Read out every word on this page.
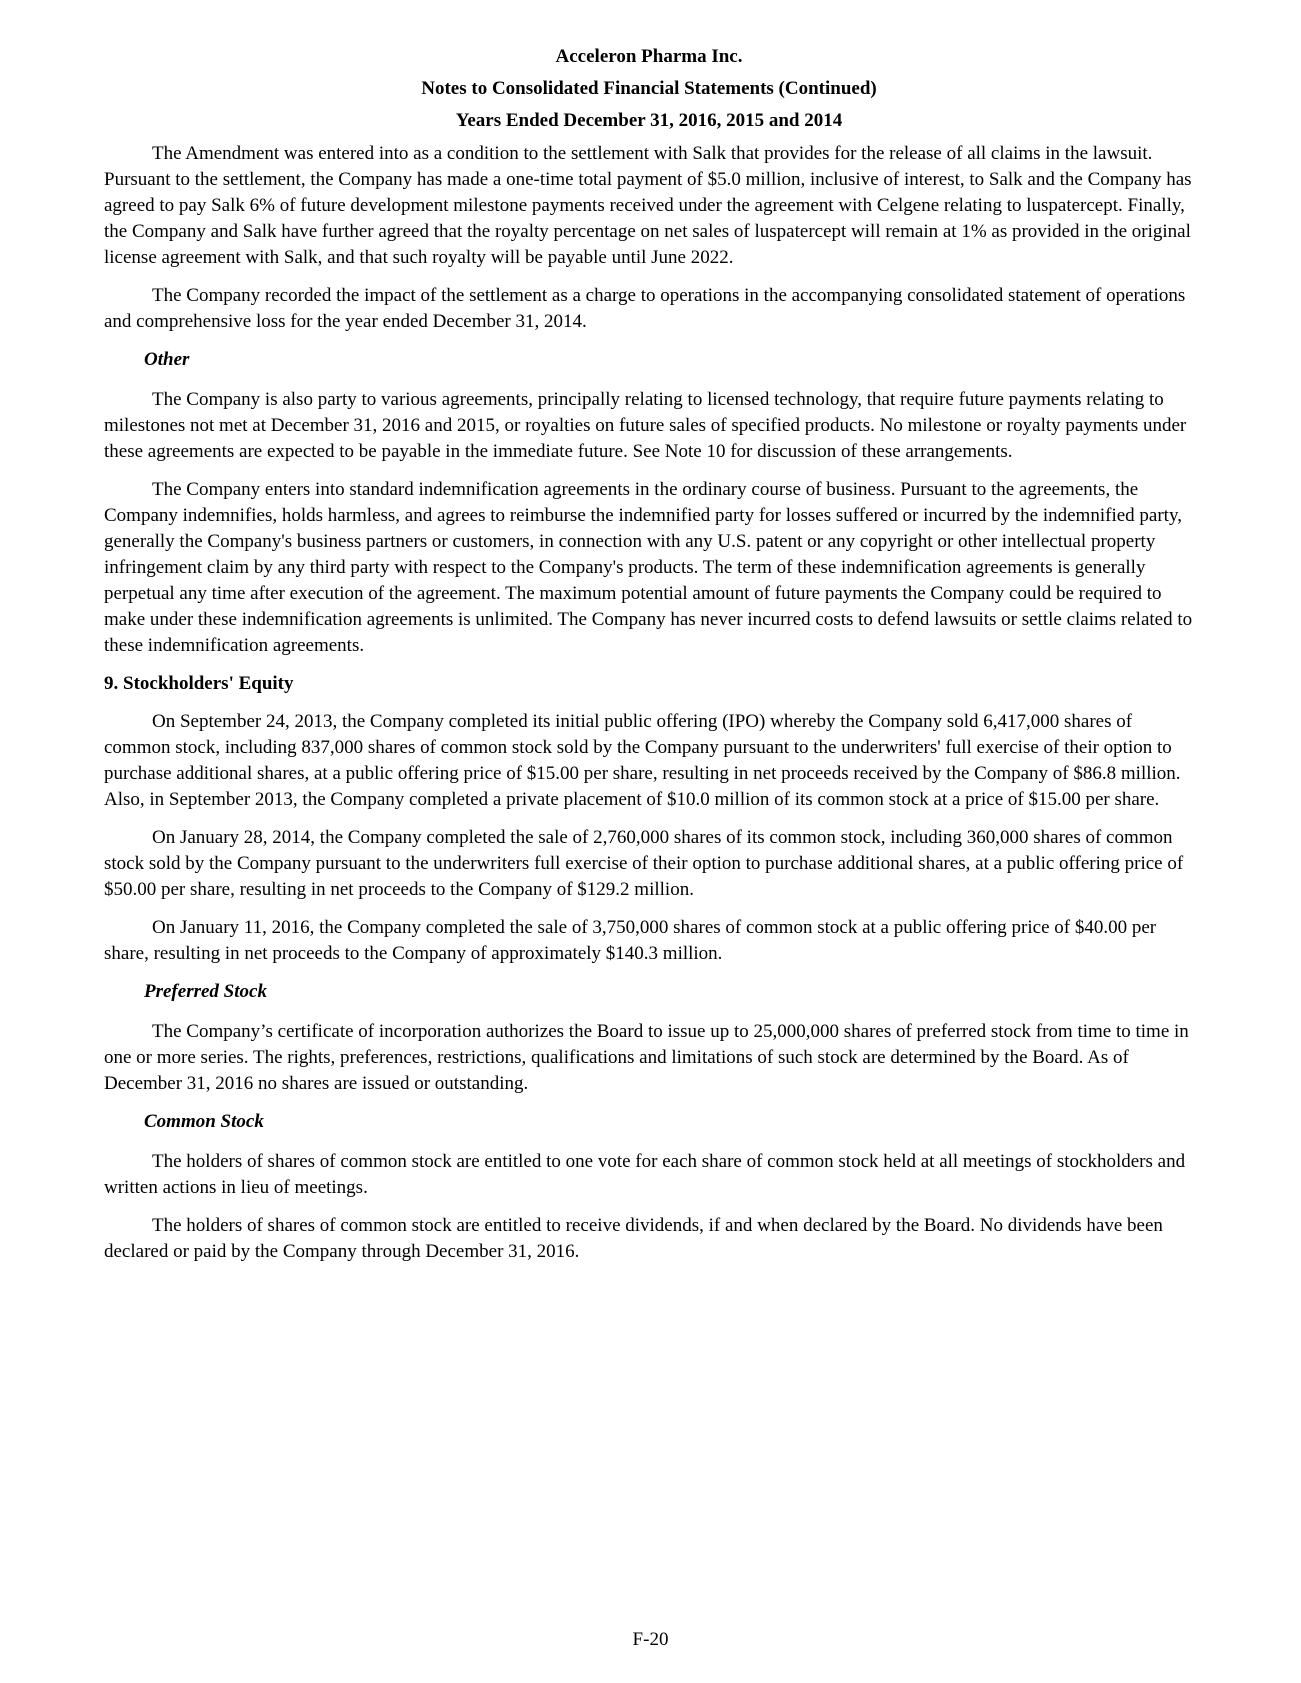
Acceleron Pharma Inc.
Notes to Consolidated Financial Statements (Continued)
Years Ended December 31, 2016, 2015 and 2014

The Amendment was entered into as a condition to the settlement with Salk that provides for the release of all claims in the lawsuit. Pursuant to the settlement, the Company has made a one-time total payment of $5.0 million, inclusive of interest, to Salk and the Company has agreed to pay Salk 6% of future development milestone payments received under the agreement with Celgene relating to luspatercept. Finally, the Company and Salk have further agreed that the royalty percentage on net sales of luspatercept will remain at 1% as provided in the original license agreement with Salk, and that such royalty will be payable until June 2022.

The Company recorded the impact of the settlement as a charge to operations in the accompanying consolidated statement of operations and comprehensive loss for the year ended December 31, 2014.

Other

The Company is also party to various agreements, principally relating to licensed technology, that require future payments relating to milestones not met at December 31, 2016 and 2015, or royalties on future sales of specified products. No milestone or royalty payments under these agreements are expected to be payable in the immediate future. See Note 10 for discussion of these arrangements.

The Company enters into standard indemnification agreements in the ordinary course of business. Pursuant to the agreements, the Company indemnifies, holds harmless, and agrees to reimburse the indemnified party for losses suffered or incurred by the indemnified party, generally the Company's business partners or customers, in connection with any U.S. patent or any copyright or other intellectual property infringement claim by any third party with respect to the Company's products. The term of these indemnification agreements is generally perpetual any time after execution of the agreement. The maximum potential amount of future payments the Company could be required to make under these indemnification agreements is unlimited. The Company has never incurred costs to defend lawsuits or settle claims related to these indemnification agreements.

9. Stockholders' Equity

On September 24, 2013, the Company completed its initial public offering (IPO) whereby the Company sold 6,417,000 shares of common stock, including 837,000 shares of common stock sold by the Company pursuant to the underwriters' full exercise of their option to purchase additional shares, at a public offering price of $15.00 per share, resulting in net proceeds received by the Company of $86.8 million. Also, in September 2013, the Company completed a private placement of $10.0 million of its common stock at a price of $15.00 per share.

On January 28, 2014, the Company completed the sale of 2,760,000 shares of its common stock, including 360,000 shares of common stock sold by the Company pursuant to the underwriters full exercise of their option to purchase additional shares, at a public offering price of $50.00 per share, resulting in net proceeds to the Company of $129.2 million.

On January 11, 2016, the Company completed the sale of 3,750,000 shares of common stock at a public offering price of $40.00 per share, resulting in net proceeds to the Company of approximately $140.3 million.

Preferred Stock

The Company’s certificate of incorporation authorizes the Board to issue up to 25,000,000 shares of preferred stock from time to time in one or more series. The rights, preferences, restrictions, qualifications and limitations of such stock are determined by the Board. As of December 31, 2016 no shares are issued or outstanding.

Common Stock

The holders of shares of common stock are entitled to one vote for each share of common stock held at all meetings of stockholders and written actions in lieu of meetings.

The holders of shares of common stock are entitled to receive dividends, if and when declared by the Board. No dividends have been declared or paid by the Company through December 31, 2016.

F-20
